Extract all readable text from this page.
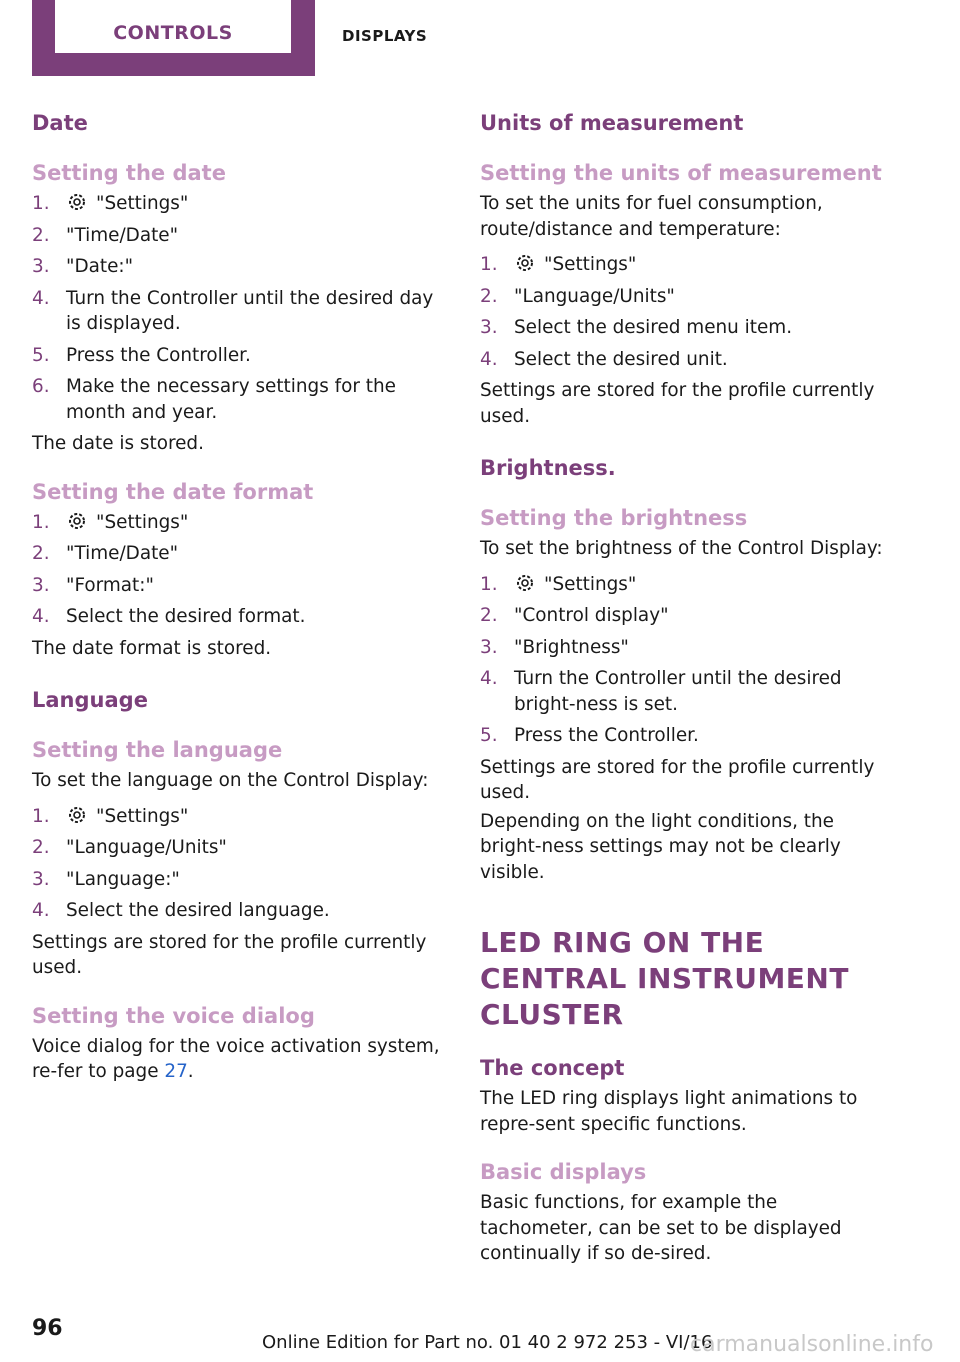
CONTROLS	DISPLAYS
Date
Setting the date
1.	"Settings"
2. "Time/Date"
3. "Date:"
4. Turn the Controller until the desired day is displayed.
5. Press the Controller.
6. Make the necessary settings for the month and year.

The date is stored.

Setting the date format
1.	"Settings"
2. "Time/Date"
3. "Format:"
4. Select the desired format.

The date format is stored.

Language
Setting the language

To set the language on the Control Display:

1.	"Settings"
2. "Language/Units"
3. "Language:"
4. Select the desired language.

Settings are stored for the profile currently used.

Setting the voice dialog

Voice dialog for the voice activation system, re‐fer to page 27.

Units of measurement
Setting the units of measurement

To set the units for fuel consumption, route/distance and temperature:

1.	"Settings"
2. "Language/Units"
3. Select the desired menu item.
4. Select the desired unit.

Settings are stored for the profile currently used.

Brightness.
Setting the brightness

To set the brightness of the Control Display:

1.	"Settings"
2. "Control display"
3. "Brightness"
4. Turn the Controller until the desired bright‐ness is set.
5. Press the Controller.

Settings are stored for the profile currently used.

Depending on the light conditions, the bright‐ness settings may not be clearly visible.

LED RING ON THE CENTRAL INSTRUMENT CLUSTER
The concept

The LED ring displays light animations to repre‐sent specific functions.

Basic displays

Basic functions, for example the tachometer, can be set to be displayed continually if so de‐sired.

96
Online Edition for Part no. 01 40 2 972 253 - VI/16
carmanualsonline.info
